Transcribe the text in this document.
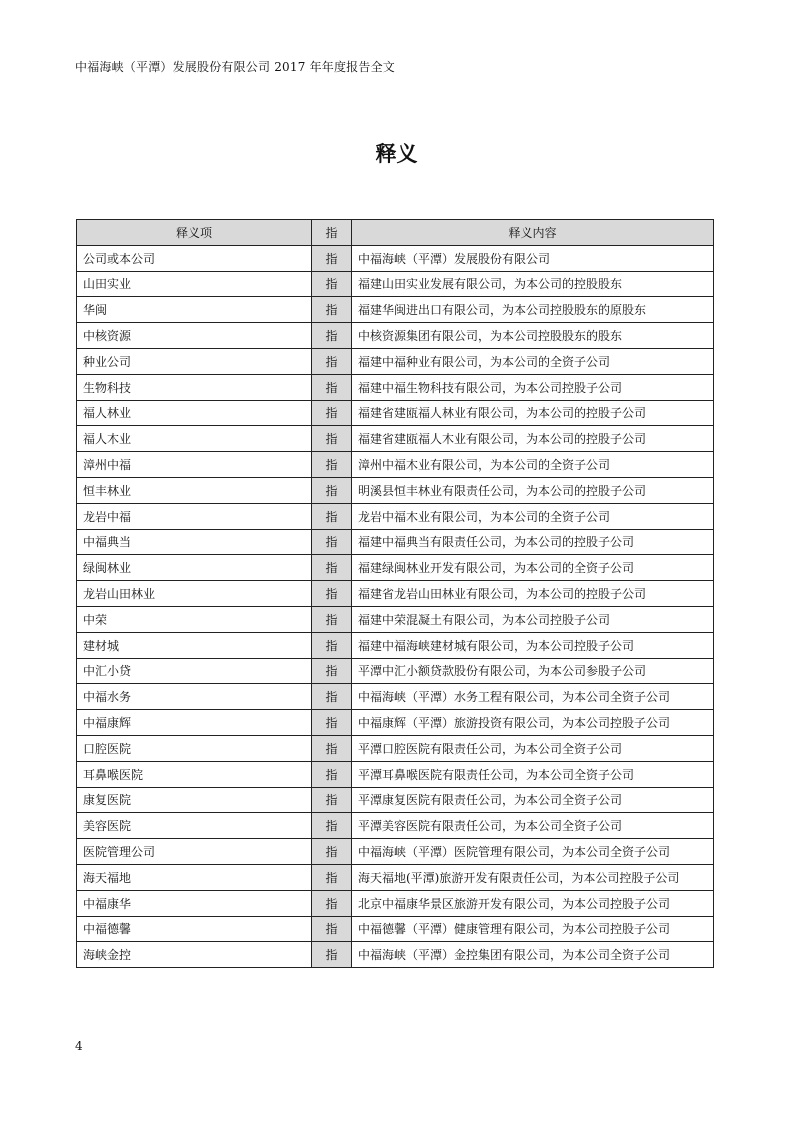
中福海峡（平潭）发展股份有限公司 2017 年年度报告全文
释义
释义项	指	释义内容
公司或本公司	指	中福海峡（平潭）发展股份有限公司
山田实业	指	福建山田实业发展有限公司，为本公司的控股股东
华闽	指	福建华闽进出口有限公司，为本公司控股股东的原股东
中核资源	指	中核资源集团有限公司，为本公司控股股东的股东
种业公司	指	福建中福种业有限公司，为本公司的全资子公司
生物科技	指	福建中福生物科技有限公司，为本公司控股子公司
福人林业	指	福建省建瓯福人林业有限公司，为本公司的控股子公司
福人木业	指	福建省建瓯福人木业有限公司，为本公司的控股子公司
漳州中福	指	漳州中福木业有限公司，为本公司的全资子公司
恒丰林业	指	明溪县恒丰林业有限责任公司，为本公司的控股子公司
龙岩中福	指	龙岩中福木业有限公司，为本公司的全资子公司
中福典当	指	福建中福典当有限责任公司，为本公司的控股子公司
绿闽林业	指	福建绿闽林业开发有限公司，为本公司的全资子公司
龙岩山田林业	指	福建省龙岩山田林业有限公司，为本公司的控股子公司
中荣	指	福建中荣混凝土有限公司，为本公司控股子公司
建材城	指	福建中福海峡建材城有限公司，为本公司控股子公司
中汇小贷	指	平潭中汇小额贷款股份有限公司，为本公司参股子公司
中福水务	指	中福海峡（平潭）水务工程有限公司，为本公司全资子公司
中福康辉	指	中福康辉（平潭）旅游投资有限公司，为本公司控股子公司
口腔医院	指	平潭口腔医院有限责任公司，为本公司全资子公司
耳鼻喉医院	指	平潭耳鼻喉医院有限责任公司，为本公司全资子公司
康复医院	指	平潭康复医院有限责任公司，为本公司全资子公司
美容医院	指	平潭美容医院有限责任公司，为本公司全资子公司
医院管理公司	指	中福海峡（平潭）医院管理有限公司，为本公司全资子公司
海天福地	指	海天福地(平潭)旅游开发有限责任公司，为本公司控股子公司
中福康华	指	北京中福康华景区旅游开发有限公司，为本公司控股子公司
中福德馨	指	中福德馨（平潭）健康管理有限公司，为本公司控股子公司
海峡金控	指	中福海峡（平潭）金控集团有限公司，为本公司全资子公司
4
